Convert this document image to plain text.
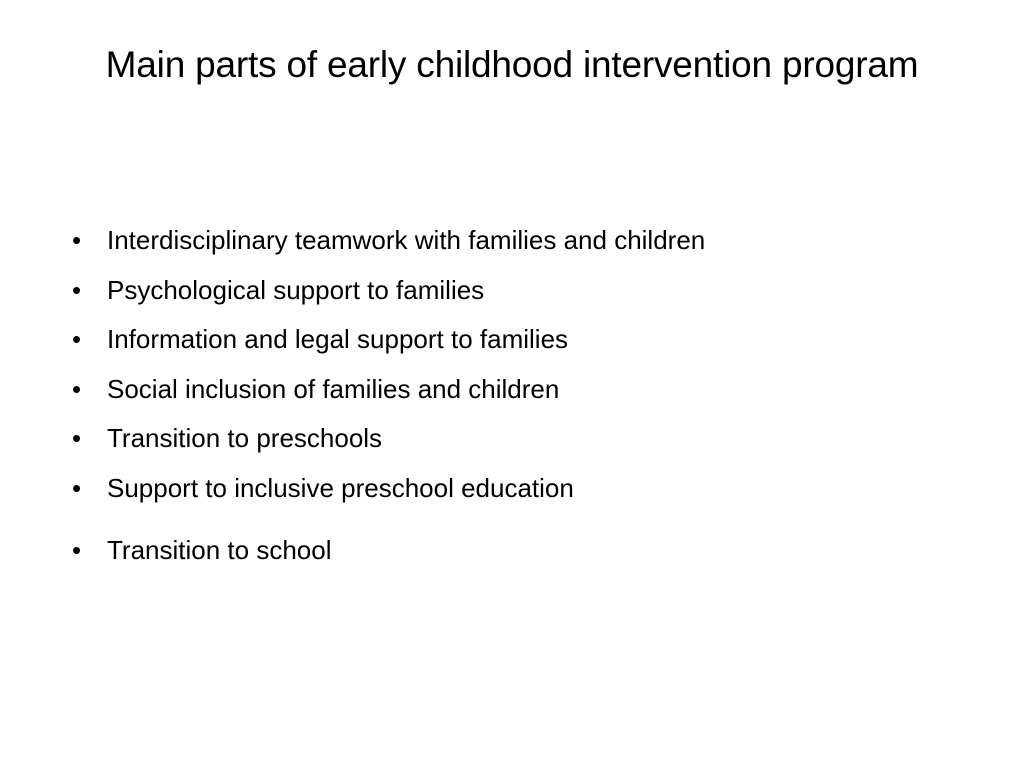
Main parts of early childhood intervention program
• Interdisciplinary teamwork with families and children
• Psychological support to families
• Information and legal support to families
• Social inclusion of families and children
• Transition to preschools
• Support to inclusive preschool education
• Transition to school
